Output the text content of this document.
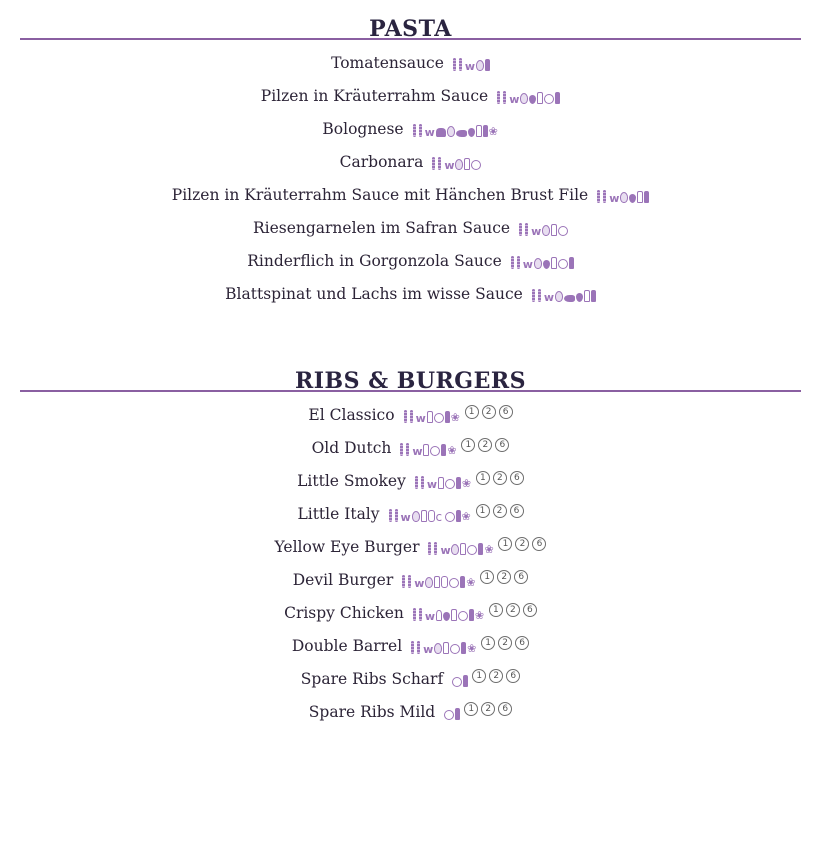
PASTA
Tomatensauce w
Pilzen in Kräuterrahm Sauce w
Bolognese w	❀
Carbonara w
Pilzen in Kräuterrahm Sauce mit Hänchen Brust File w
Riesengarnelen im Safran Sauce w
Rinderflich in Gorgonzola Sauce w
Blattspinat und Lachs im wisse Sauce w
RIBS & BURGERS
El Classico w ❀ 1	2	6
Old Dutch w ❀ 1	2	6
Little Smokey w ❀ 1	2	6
Little Italy w c ❀ 1	2	6
Yellow Eye Burger w	❀ 1	2	6
Devil Burger w	❀ 1	2	6
Crispy Chicken w	❀ 1	2	6
Double Barrel w	❀ 1	2	6
Spare Ribs Scharf	1	2	6
Spare Ribs Mild	1	2	6
